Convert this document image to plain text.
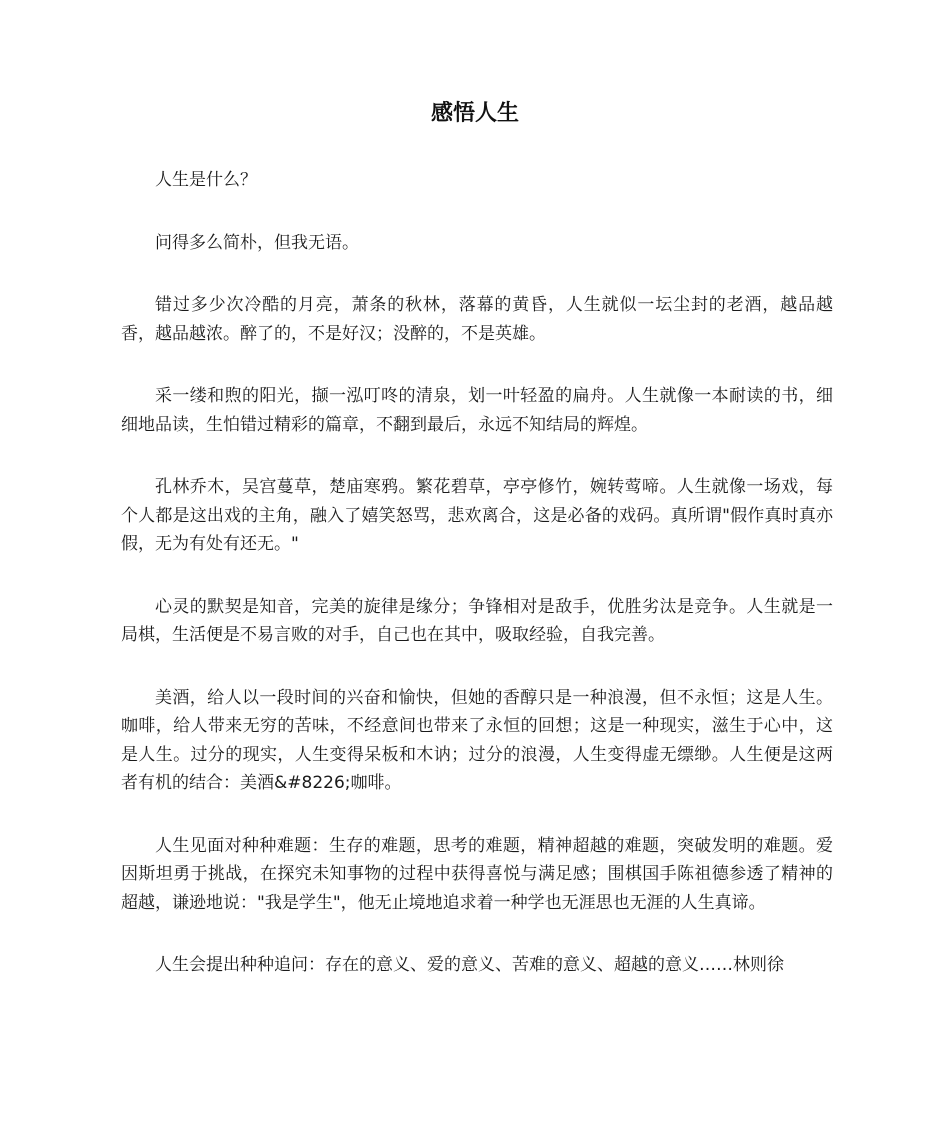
感悟人生

人生是什么？

问得多么简朴，但我无语。

错过多少次冷酷的月亮，萧条的秋林，落幕的黄昏，人生就似一坛尘封的老酒，越品越香，越品越浓。醉了的，不是好汉；没醉的，不是英雄。

采一缕和煦的阳光，撷一泓叮咚的清泉，划一叶轻盈的扁舟。人生就像一本耐读的书，细细地品读，生怕错过精彩的篇章，不翻到最后，永远不知结局的辉煌。

孔林乔木，吴宫蔓草，楚庙寒鸦。繁花碧草，亭亭修竹，婉转莺啼。人生就像一场戏，每个人都是这出戏的主角，融入了嬉笑怒骂，悲欢离合，这是必备的戏码。真所谓"假作真时真亦假，无为有处有还无。"

心灵的默契是知音，完美的旋律是缘分；争锋相对是敌手，优胜劣汰是竞争。人生就是一局棋，生活便是不易言败的对手，自己也在其中，吸取经验，自我完善。

美酒，给人以一段时间的兴奋和愉快，但她的香醇只是一种浪漫，但不永恒；这是人生。咖啡，给人带来无穷的苦味，不经意间也带来了永恒的回想；这是一种现实，滋生于心中，这是人生。过分的现实，人生变得呆板和木讷；过分的浪漫，人生变得虚无缥缈。人生便是这两者有机的结合：美酒&#8226;咖啡。

人生见面对种种难题：生存的难题，思考的难题，精神超越的难题，突破发明的难题。爱因斯坦勇于挑战，在探究未知事物的过程中获得喜悦与满足感；围棋国手陈祖德参透了精神的超越，谦逊地说："我是学生"，他无止境地追求着一种学也无涯思也无涯的人生真谛。

人生会提出种种追问：存在的意义、爱的意义、苦难的意义、超越的意义……林则徐
